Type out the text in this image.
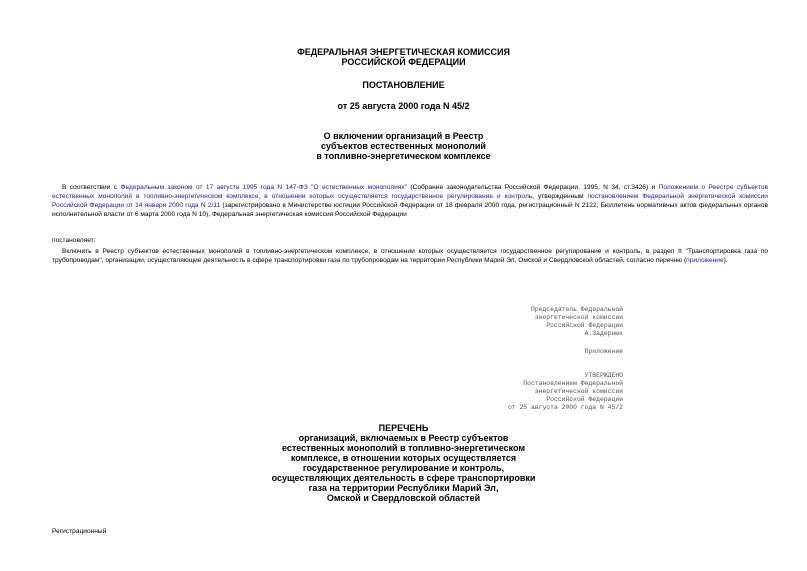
ФЕДЕРАЛЬНАЯ ЭНЕРГЕТИЧЕСКАЯ КОМИССИЯ

РОССИЙСКОЙ ФЕДЕРАЦИИ

ПОСТАНОВЛЕНИЕ

от 25 августа 2000 года N 45/2

О включении организаций в Реестр

субъектов естественных монополий

в топливно-энергетическом комплексе

В соответствии с Федеральным законом от 17 августа 1995 года N 147-ФЗ "О естественных монополиях" (Собрание законодательства Российской Федерации, 1995, N 34, ст.3426) и Положением о Реестре субъектов естественных монополий в топливно-энергетическом комплексе, в отношении которых осуществляется государственное регулирование и контроль, утвержденным постановлением Федеральной энергетической комиссии Российской Федерации от 14 января 2000 года N 2/11 (зарегистрировано в Министерстве юстиции Российской Федерации от 18 февраля 2000 года, регистрационный N 2122, Бюллетень нормативных актов федеральных органов исполнительной власти от 6 марта 2000 года N 10), Федеральная энергетическая комиссия Российской Федерации

постановляет:

Включить в Реестр субъектов естественных монополий в топливно-энергетическом комплексе, в отношении которых осуществляется государственное регулирование и контроль, в раздел II "Транспортировка газа по трубопроводам", организации, осуществляющие деятельность в сфере транспортировки газа по трубопроводам на территории Республики Марий Эл, Омской и Свердловской областей, согласно перечню (приложение).

Председатель Федеральной
энергетической комиссии
Российской Федерации
А.Задернюк
Приложение
УТВЕРЖДЕНО
Постановлением Федеральной
энергетической комиссии
Российской Федерации
от 25 августа 2000 года N 45/2

ПЕРЕЧЕНЬ

организаций, включаемых в Реестр субъектов

естественных монополий в топливно-энергетическом

комплексе, в отношении которых осуществляется

государственное регулирование и контроль,

осуществляющих деятельность в сфере транспортировки

газа на территории Республики Марий Эл,

Омской и Свердловской областей

Регистрационный
